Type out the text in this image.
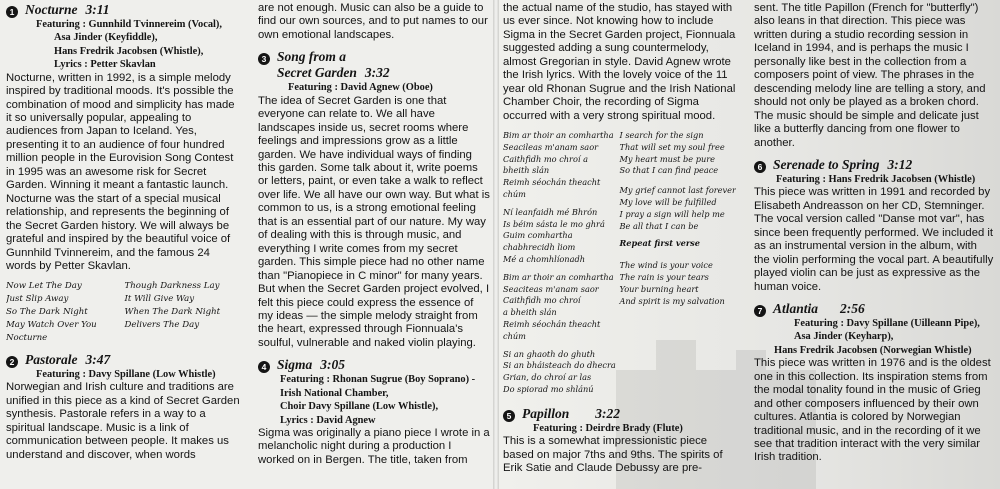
1 Nocturne 3:11
Featuring : Gunnhild Tvinnereim (Vocal),
Asa Jinder (Keyfiddle),
Hans Fredrik Jacobsen (Whistle),
Lyrics : Petter Skavlan

Nocturne, written in 1992, is a simple melody inspired by traditional moods. It's possible the combination of mood and simplicity has made it so universally popular, appealing to audiences from Japan to Iceland. Yes, presenting it to an audience of four hundred million people in the Eurovision Song Contest in 1995 was an awesome risk for Secret Garden. Winning it meant a fantastic launch. Nocturne was the start of a special musical relationship, and represents the beginning of the Secret Garden history. We will always be grateful and inspired by the beautiful voice of Gunnhild Tvinnereim, and the famous 24 words by Petter Skavlan.

Now Let The Day
Just Slip Away
So The Dark Night
May Watch Over You
Nocturne
Though Darkness Lay
It Will Give Way
When The Dark Night
Delivers The Day
2 Pastorale 3:47
Featuring : Davy Spillane (Low Whistle)

Norwegian and Irish culture and traditions are unified in this piece as a kind of Secret Garden synthesis. Pastorale refers in a way to a spiritual landscape. Music is a link of communication between people. It makes us understand and discover, when words

are not enough. Music can also be a guide to find our own sources, and to put names to our own emotional landscapes.

3 Song from a
Secret Garden 3:32
Featuring : David Agnew (Oboe)

The idea of Secret Garden is one that everyone can relate to. We all have landscapes inside us, secret rooms where feelings and impressions grow as a little garden. We have individual ways of finding this garden. Some talk about it, write poems or letters, paint, or even take a walk to reflect over life. We all have our own way. But what is common to us, is a strong emotional feeling that is an essential part of our nature. My way of dealing with this is through music, and everything I write comes from my secret garden. This simple piece had no other name than "Pianopiece in C minor" for many years. But when the Secret Garden project evolved, I felt this piece could express the essence of my ideas — the simple melody straight from the heart, expressed through Fionnuala's soulful, vulnerable and naked violin playing.

4 Sigma 3:05
Featuring : Rhonan Sugrue (Boy Soprano) -
Irish National Chamber,
Choir Davy Spillane (Low Whistle),
Lyrics : David Agnew

Sigma was originally a piano piece I wrote in a melancholic night during a production I worked on in Bergen. The title, taken from

the actual name of the studio, has stayed with us ever since. Not knowing how to include Sigma in the Secret Garden project, Fionnuala suggested adding a sung countermelody, almost Gregorian in style. David Agnew wrote the Irish lyrics. With the lovely voice of the 11 year old Rhonan Sugrue and the Irish National Chamber Choir, the recording of Sigma occurred with a very strong spiritual mood.

Bim ar thoir an comhartha
Seacileas m'anam saor
Caithfidh mo chroí a
bheith slán
Reimh séochán theacht chúm
Ní leanfaidh mé Bhrón
Is béim sásta le mo ghrá
Guim comhartha
chabhrecidh liom
Mé a chomhlíonadh
Bim ar thoir an comhartha
Seaciteas m'anam saor
Caithfidh mo chroí
a bheith slán
Reimh séochán theacht chúm
Si an ghaoth do ghuth
Si an bháisteach do dhecra
Grian, do chroí ar las
Do spiorad mo shlánú
I search for the sign
That will set my soul free
My heart must be pure
So that I can find peace
My grief cannot last forever
My love will be fulfilled
I pray a sign will help me
Be all that I can be
Repeat first verse
The wind is your voice
The rain is your tears
Your burning heart
And spirit is my salvation
5 Papillon 3:22
Featuring : Deirdre Brady (Flute)

This is a somewhat impressionistic piece based on major 7ths and 9ths. The spirits of Erik Satie and Claude Debussy are pre-

sent. The title Papillon (French for "butterfly") also leans in that direction. This piece was written during a studio recording session in Iceland in 1994, and is perhaps the music I personally like best in the collection from a composers point of view. The phrases in the descending melody line are telling a story, and should not only be played as a broken chord. The music should be simple and delicate just like a butterfly dancing from one flower to another.

6 Serenade to Spring 3:12
Featuring : Hans Fredrik Jacobsen (Whistle)

This piece was written in 1991 and recorded by Elisabeth Andreasson on her CD, Stemninger. The vocal version called "Danse mot var", has since been frequently performed. We included it as an instrumental version in the album, with the violin performing the vocal part. A beautifully played violin can be just as expressive as the human voice.

7 Atlantia 2:56
Featuring : Davy Spillane (Uilleann Pipe),
Asa Jinder (Keyharp),
Hans Fredrik Jacobsen (Norwegian Whistle)

This piece was written in 1976 and is the oldest one in this collection. Its inspiration stems from the modal tonality found in the music of Grieg and other composers influenced by their own cultures. Atlantia is colored by Norwegian traditional music, and in the recording of it we see that tradition interact with the very similar Irish tradition.
